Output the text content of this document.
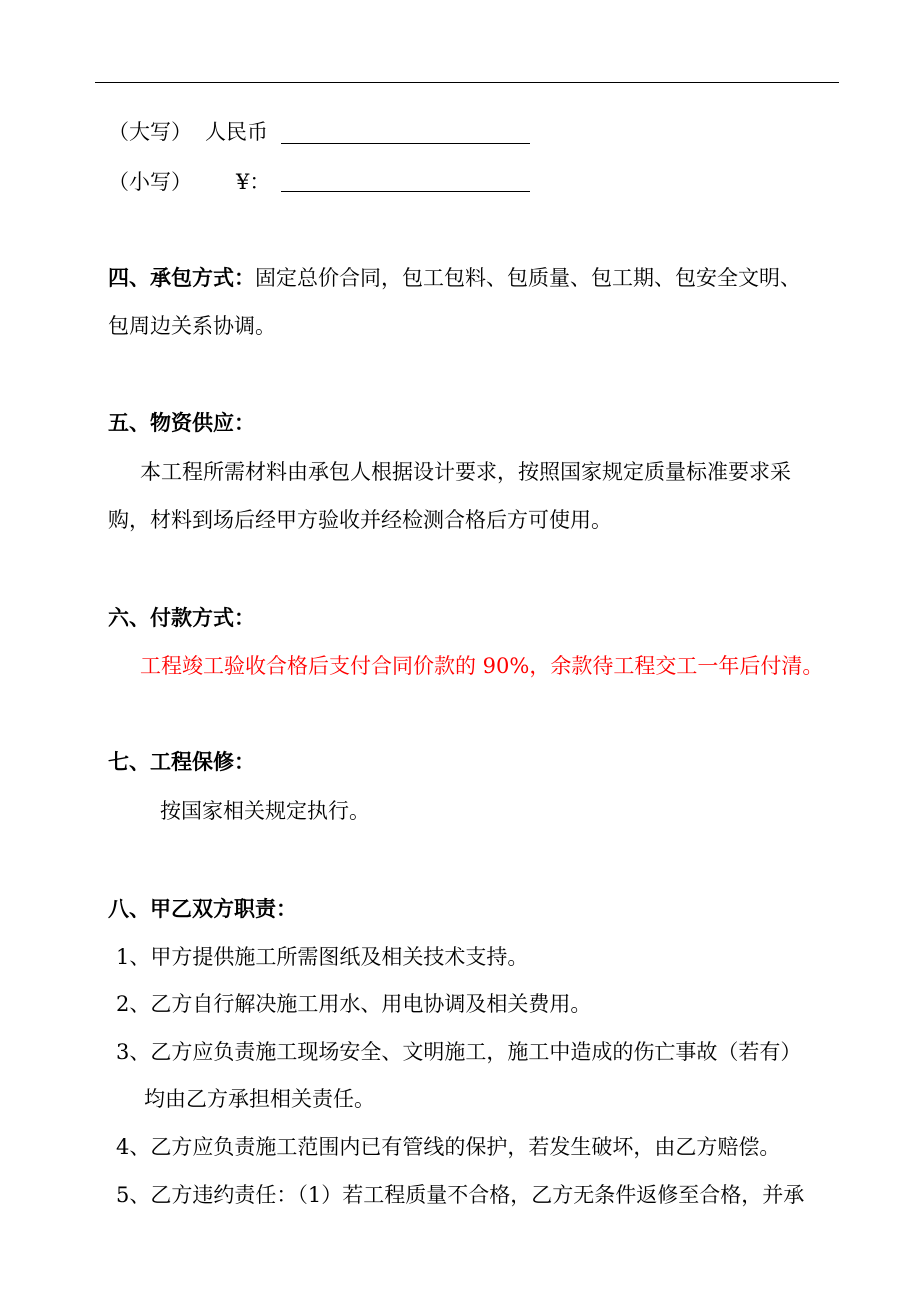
（大写） 人民币
（小写） ¥：
四、承包方式：固定总价合同，包工包料、包质量、包工期、包安全文明、
包周边关系协调。
五、物资供应：
本工程所需材料由承包人根据设计要求，按照国家规定质量标准要求采
购，材料到场后经甲方验收并经检测合格后方可使用。
六、付款方式：
工程竣工验收合格后支付合同价款的 90%，余款待工程交工一年后付清。
七、工程保修：
按国家相关规定执行。
八、甲乙双方职责：
1、甲方提供施工所需图纸及相关技术支持。
2、乙方自行解决施工用水、用电协调及相关费用。
3、乙方应负责施工现场安全、文明施工，施工中造成的伤亡事故（若有）
均由乙方承担相关责任。
4、乙方应负责施工范围内已有管线的保护，若发生破坏，由乙方赔偿。
5、乙方违约责任：（1）若工程质量不合格，乙方无条件返修至合格，并承
